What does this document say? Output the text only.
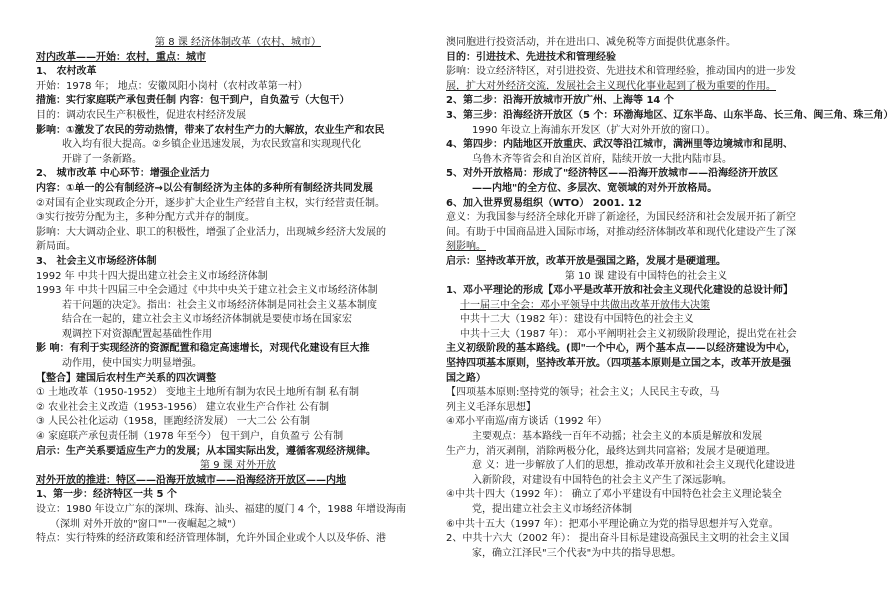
第 8 课 经济体制改革（农村、城市）
对内改革——开始：农村，重点：城市
1、 农村改革
开始：1978 年； 地点：安徽凤阳小岗村（农村改革第一村）
措施：实行家庭联产承包责任制 内容：包干到户，自负盈亏（大包干）
目的：调动农民生产积极性，促进农村经济发展
影响：①激发了农民的劳动热情，带来了农村生产力的大解放，农业生产和农民
收入均有很大提高。②乡镇企业迅速发展，为农民致富和实现现代化
开辟了一条新路。
2、 城市改革 中心环节：增强企业活力
内容：①单一的公有制经济→以公有制经济为主体的多种所有制经济共同发展
②对国有企业实现政企分开，逐步扩大企业生产经营自主权，实行经营责任制。
③实行按劳分配为主，多种分配方式并存的制度。
影响：大大调动企业、职工的积极性，增强了企业活力，出现城乡经济大发展的
新局面。
3、 社会主义市场经济体制
1992 年 中共十四大提出建立社会主义市场经济体制
1993 年 中共十四届三中全会通过《中共中央关于建立社会主义市场经济体制
若干问题的决定》。指出：社会主义市场经济体制是同社会主义基本制度
结合在一起的，建立社会主义市场经济体制就是要使市场在国家宏
观调控下对资源配置起基础性作用
影 响：有利于实现经济的资源配置和稳定高速增长，对现代化建设有巨大推
动作用，使中国实力明显增强。
【整合】建国后农村生产关系的四次调整
① 土地改革（1950-1952） 变地主土地所有制为农民土地所有制 私有制
② 农业社会主义改造（1953-1956） 建立农业生产合作社 公有制
③ 人民公社化运动（1958，匪跑经济发展） 一大二公 公有制
④ 家庭联产承包责任制（1978 年至今） 包干到户，自负盈亏 公有制
启示：生产关系要适应生产力的发展；从本国实际出发，遵循客观经济规律。
第 9 课 对外开放
对外开放的推进：特区——沿海开放城市——沿海经济开放区——内地
1、第一步：经济特区一共 5 个
设立：1980 年设立广东的深圳、珠海、汕头、福建的厦门 4 个，1988 年增设海南
（深圳 对外开放的"窗口""一夜崛起之城"）
特点：实行特殊的经济政策和经济管理体制，允许外国企业或个人以及华侨、港
澳同胞进行投资活动，并在进出口、减免税等方面提供优惠条件。
目的：引进技术、先进技术和管理经验
影响：设立经济特区，对引进投资、先进技术和管理经验，推动国内的进一步发
展，扩大对外经济交流，发展社会主义现代化事业起到了极为重要的作用。
2、第二步：沿海开放城市开放广州、上海等 14 个
3、第三步：沿海经济开放区（5 个：环渤海地区、辽东半岛、山东半岛、长三角、闽三角、珠三角）
1990 年设立上海浦东开发区（扩大对外开放的窗口）。
4、第四步：内陆地区开放重庆、武汉等沿江城市，满洲里等边境城市和昆明、
乌鲁木齐等省会和自治区首府，陆续开放一大批内陆市县。
5、对外开放格局：形成了"经济特区——沿海开放城市——沿海经济开放区
——内地"的全方位、多层次、宽领域的对外开放格局。
6、加入世界贸易组织（WTO） 2001. 12
意义：为我国参与经济全球化开辟了新途径，为国民经济和社会发展开拓了新空
间。有助于中国商品进入国际市场，对推动经济体制改革和现代化建设产生了深
刻影响。
启示：坚持改革开放，改革开放是强国之路，发展才是硬道理。
第 10 课 建设有中国特色的社会主义
1、邓小平理论的形成【邓小平是改革开放和社会主义现代化建设的总设计师】
十一届三中全会：邓小平领导中共做出改革开放伟大决策
中共十二大（1982 年）：建设有中国特色的社会主义
中共十三大（1987 年）： 邓小平阐明社会主义初级阶段理论，提出党在社会
主义初级阶段的基本路线。(即"一个中心，两个基本点——以经济建设为中心，
坚持四项基本原则，坚持改革开放。（四项基本原则是立国之本，改革开放是强
国之路）
【四项基本原则:坚持党的领导；社会主义；人民民主专政，马
列主义毛泽东思想】
④邓小平南巡/南方谈话（1992 年）
主要观点：基本路线一百年不动摇；社会主义的本质是解放和发展
生产力，消灭剥削，消除两极分化，最终达到共同富裕；发展才是硬道理。
意 义：进一步解放了人们的思想，推动改革开放和社会主义现代化建设进
入新阶段，对建设有中国特色的社会主义产生了深远影响。
④中共十四大（1992 年）： 确立了邓小平建设有中国特色社会主义理论装全
党，提出建立社会主义市场经济体制
⑥中共十五大（1997 年）：把邓小平理论确立为党的指导思想并写入党章。
2、中共十六大（2002 年）： 提出奋斗目标是建设高强民主文明的社会主义国
家，确立江泽民"三个代表"为中共的指导思想。
